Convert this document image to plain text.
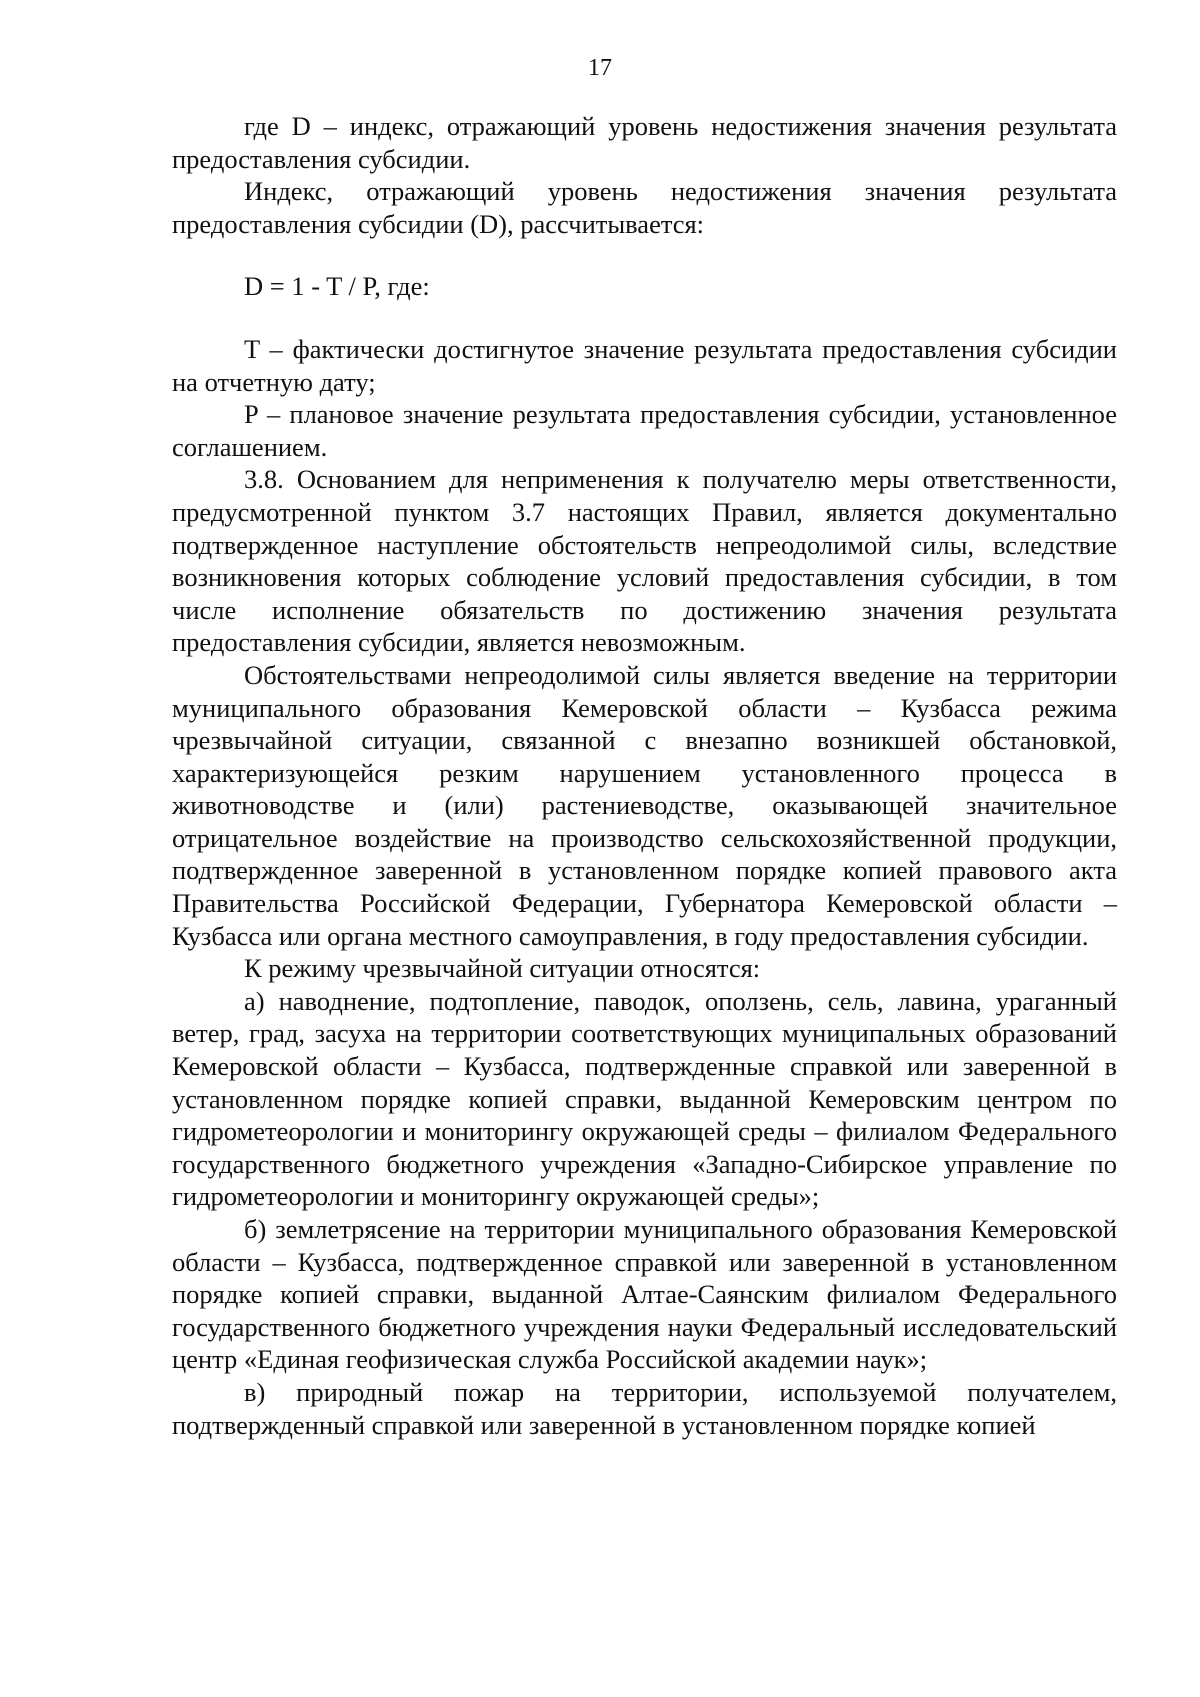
17

где D – индекс, отражающий уровень недостижения значения результата предоставления субсидии.

Индекс, отражающий уровень недостижения значения результата предоставления субсидии (D), рассчитывается:

D = 1 - T / P, где:

T – фактически достигнутое значение результата предоставления субсидии на отчетную дату;

P – плановое значение результата предоставления субсидии, установленное соглашением.

3.8. Основанием для неприменения к получателю меры ответственности, предусмотренной пунктом 3.7 настоящих Правил, является документально подтвержденное наступление обстоятельств непреодолимой силы, вследствие возникновения которых соблюдение условий предоставления субсидии, в том числе исполнение обязательств по достижению значения результата предоставления субсидии, является невозможным.

Обстоятельствами непреодолимой силы является введение на территории муниципального образования Кемеровской области – Кузбасса режима чрезвычайной ситуации, связанной с внезапно возникшей обстановкой, характеризующейся резким нарушением установленного процесса в животноводстве и (или) растениеводстве, оказывающей значительное отрицательное воздействие на производство сельскохозяйственной продукции, подтвержденное заверенной в установленном порядке копией правового акта Правительства Российской Федерации, Губернатора Кемеровской области – Кузбасса или органа местного самоуправления, в году предоставления субсидии.

К режиму чрезвычайной ситуации относятся:

а) наводнение, подтопление, паводок, оползень, сель, лавина, ураганный ветер, град, засуха на территории соответствующих муниципальных образований Кемеровской области – Кузбасса, подтвержденные справкой или заверенной в установленном порядке копией справки, выданной Кемеровским центром по гидрометеорологии и мониторингу окружающей среды – филиалом Федерального государственного бюджетного учреждения «Западно-Сибирское управление по гидрометеорологии и мониторингу окружающей среды»;

б) землетрясение на территории муниципального образования Кемеровской области – Кузбасса, подтвержденное справкой или заверенной в установленном порядке копией справки, выданной Алтае-Саянским филиалом Федерального государственного бюджетного учреждения науки Федеральный исследовательский центр «Единая геофизическая служба Российской академии наук»;

в) природный пожар на территории, используемой получателем, подтвержденный справкой или заверенной в установленном порядке копией
